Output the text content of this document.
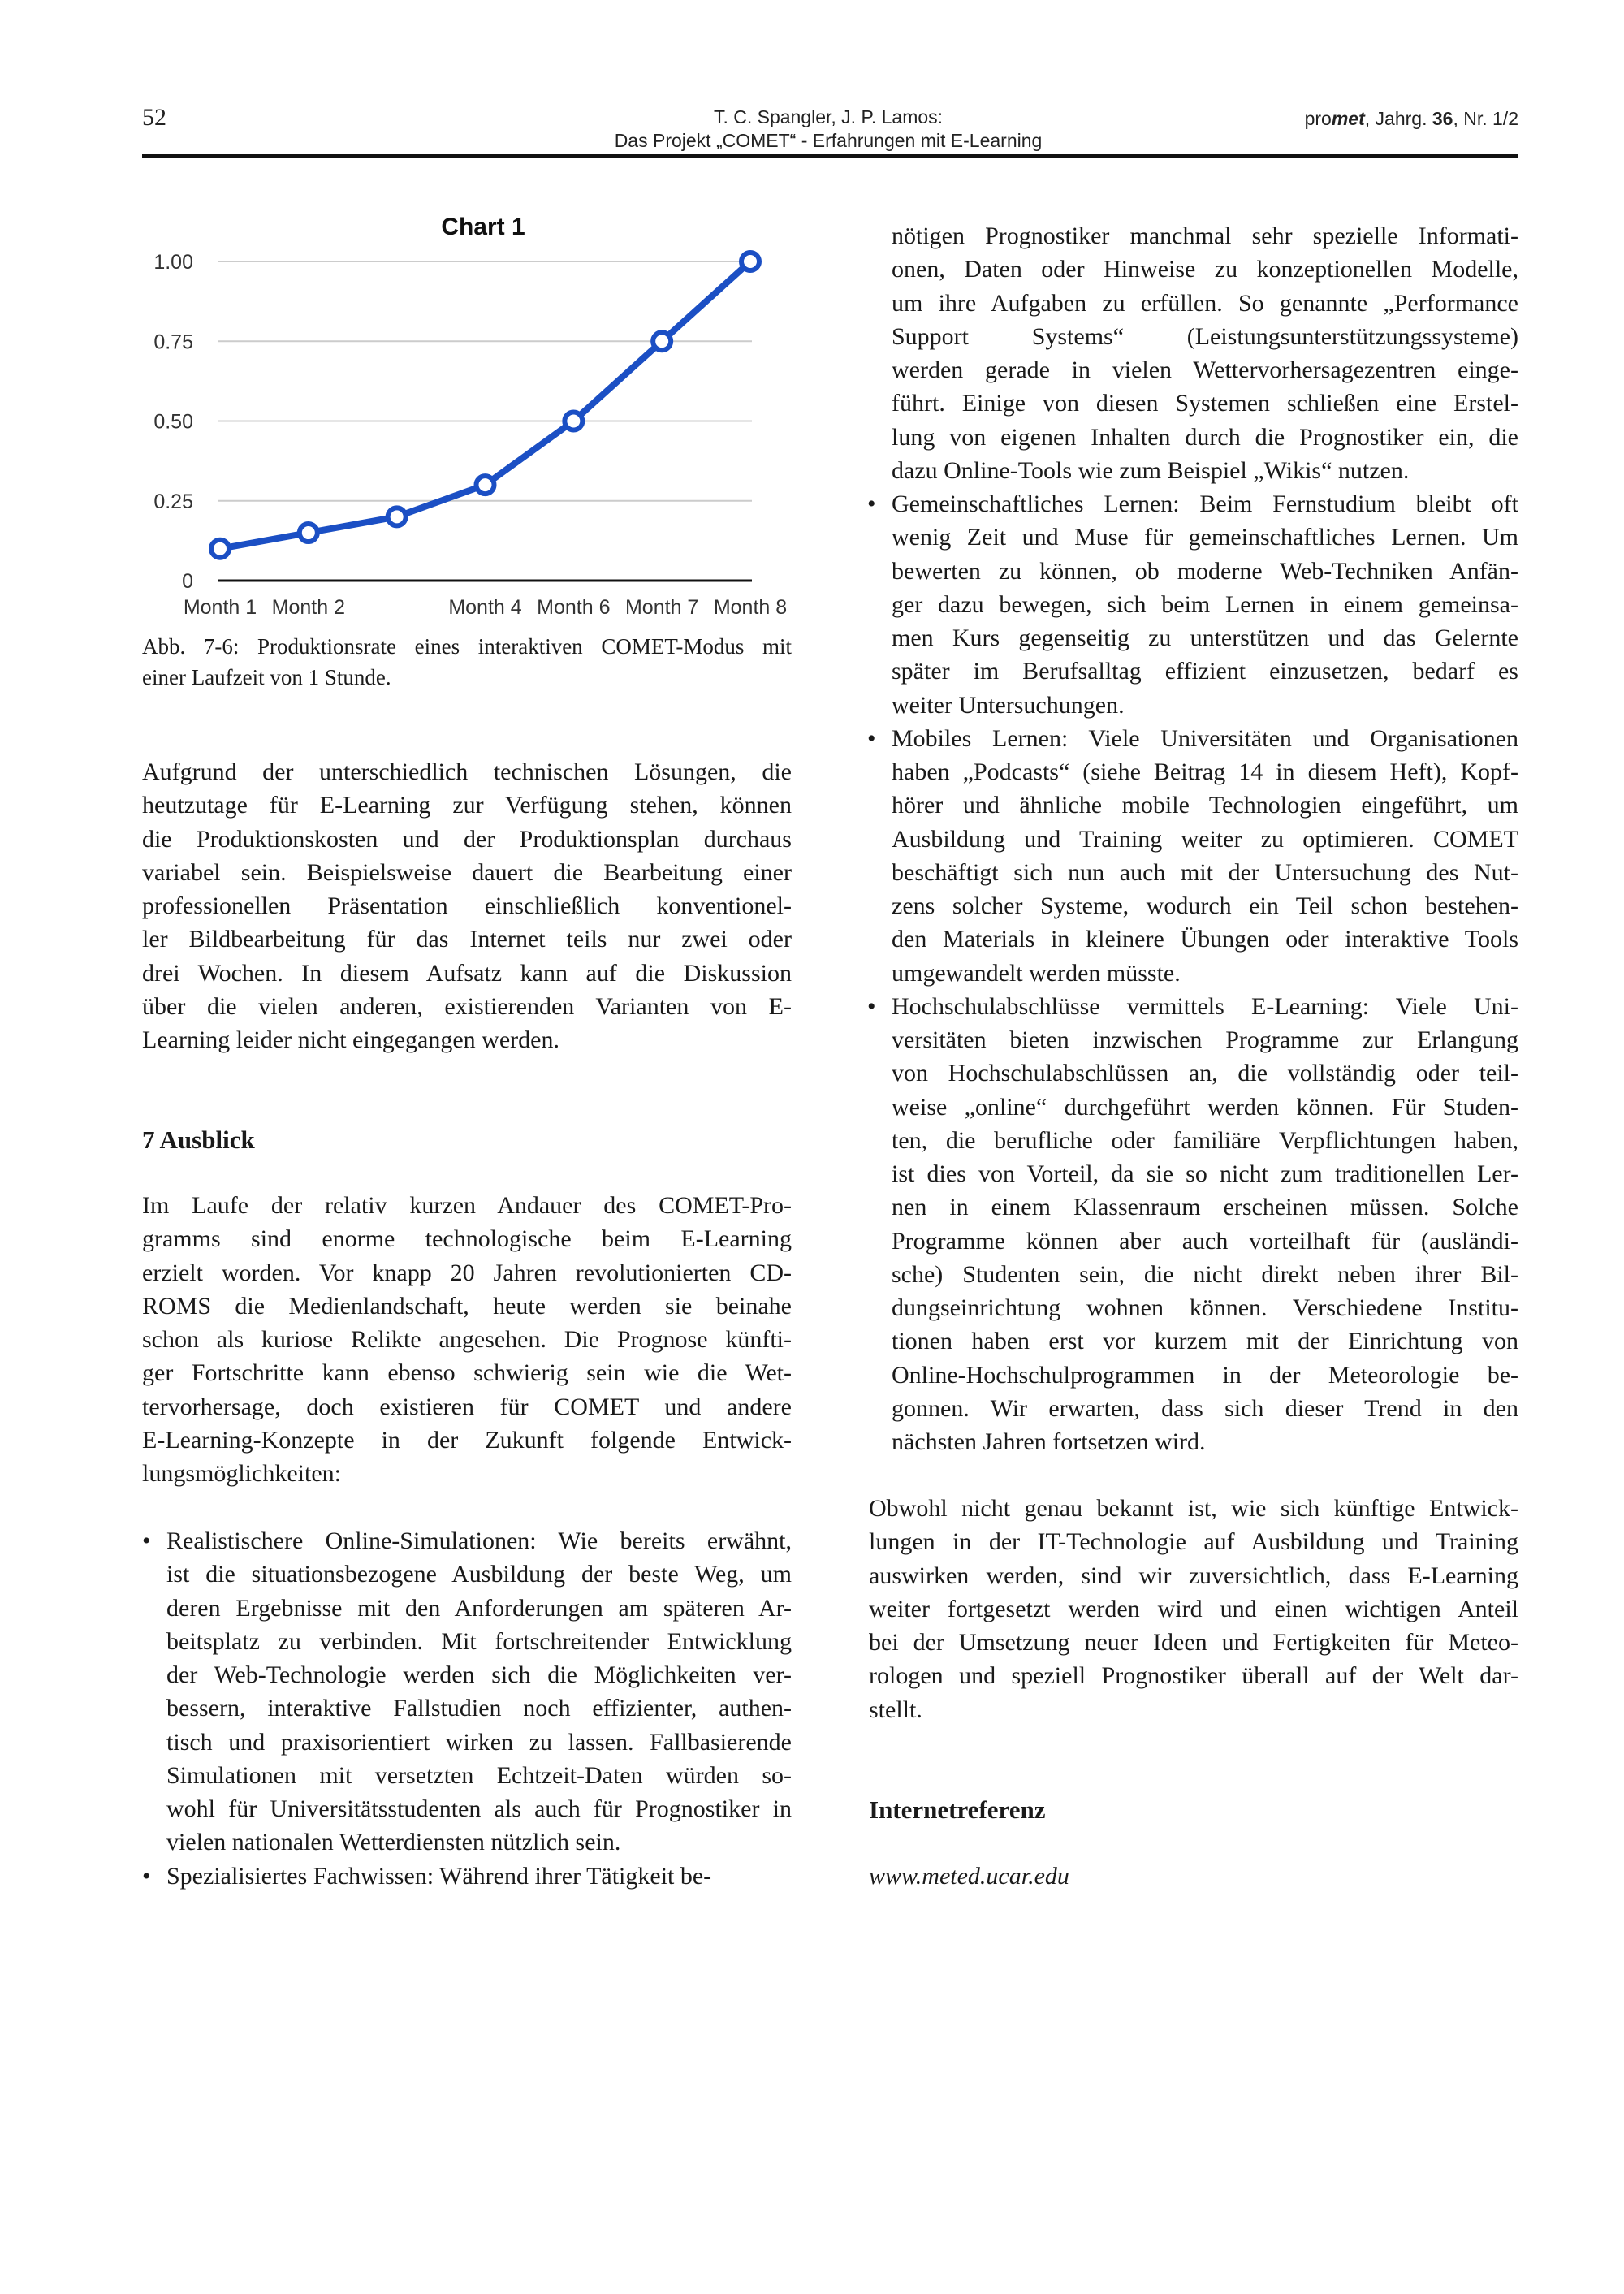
52	T. C. Spangler, J. P. Lamos:
Das Projekt „COMET“ - Erfahrungen mit E-Learning
promet, Jahrg. 36, Nr. 1/2
Chart 1
0
0.25
0.50
0.75
1.00
Month 1 Month 2	Month 4 Month 6 Month 7 Month 8
Abb. 7-6: Produktionsrate eines interaktiven COMET-Modus mit
einer Laufzeit von 1 Stunde.
Aufgrund der unterschiedlich technischen Lösungen, die
heutzutage für E-Learning zur Verfügung stehen, können
die Produktionskosten und der Produktionsplan durchaus
variabel sein. Beispielsweise dauert die Bearbeitung einer
professionellen Präsentation einschließlich konventionel-
ler Bildbearbeitung für das Internet teils nur zwei oder
drei Wochen. In diesem Aufsatz kann auf die Diskussion
über die vielen anderen, existierenden Varianten von E-
Learning leider nicht eingegangen werden.
7 Ausblick
Im Laufe der relativ kurzen Andauer des COMET-Pro-
gramms sind enorme technologische beim E-Learning
erzielt worden. Vor knapp 20 Jahren revolutionierten CD-
ROMS die Medienlandschaft, heute werden sie beinahe
schon als kuriose Relikte angesehen. Die Prognose künfti-
ger Fortschritte kann ebenso schwierig sein wie die Wet-
tervorhersage, doch existieren für COMET und andere
E-Learning-Konzepte in der Zukunft folgende Entwick-
lungsmöglichkeiten:
• Realistischere Online-Simulationen: Wie bereits erwähnt,
ist die situationsbezogene Ausbildung der beste Weg, um
deren Ergebnisse mit den Anforderungen am späteren Ar-
beitsplatz zu verbinden. Mit fortschreitender Entwicklung
der Web-Technologie werden sich die Möglichkeiten ver-
bessern, interaktive Fallstudien noch effizienter, authen-
tisch und praxisorientiert wirken zu lassen. Fallbasierende
Simulationen mit versetzten Echtzeit-Daten würden so-
wohl für Universitätsstudenten als auch für Prognostiker in
vielen nationalen Wetterdiensten nützlich sein.
• Spezialisiertes Fachwissen: Während ihrer Tätigkeit be-
nötigen Prognostiker manchmal sehr spezielle Informati-
onen, Daten oder Hinweise zu konzeptionellen Modelle,
um ihre Aufgaben zu erfüllen. So genannte „Performance
Support Systems“ (Leistungsunterstützungssysteme)
werden gerade in vielen Wettervorhersagezentren einge-
führt. Einige von diesen Systemen schließen eine Erstel-
lung von eigenen Inhalten durch die Prognostiker ein, die
dazu Online-Tools wie zum Beispiel „Wikis“ nutzen.
• Gemeinschaftliches Lernen: Beim Fernstudium bleibt oft
wenig Zeit und Muse für gemeinschaftliches Lernen. Um
bewerten zu können, ob moderne Web-Techniken Anfän-
ger dazu bewegen, sich beim Lernen in einem gemeinsa-
men Kurs gegenseitig zu unterstützen und das Gelernte
später im Berufsalltag effizient einzusetzen, bedarf es
weiter Untersuchungen.
• Mobiles Lernen: Viele Universitäten und Organisationen
haben „Podcasts“ (siehe Beitrag 14 in diesem Heft), Kopf-
hörer und ähnliche mobile Technologien eingeführt, um
Ausbildung und Training weiter zu optimieren. COMET
beschäftigt sich nun auch mit der Untersuchung des Nut-
zens solcher Systeme, wodurch ein Teil schon bestehen-
den Materials in kleinere Übungen oder interaktive Tools
umgewandelt werden müsste.
• Hochschulabschlüsse vermittels E-Learning: Viele Uni-
versitäten bieten inzwischen Programme zur Erlangung
von Hochschulabschlüssen an, die vollständig oder teil-
weise „online“ durchgeführt werden können. Für Studen-
ten, die berufliche oder familiäre Verpflichtungen haben,
ist dies von Vorteil, da sie so nicht zum traditionellen Ler-
nen in einem Klassenraum erscheinen müssen. Solche
Programme können aber auch vorteilhaft für (ausländi-
sche) Studenten sein, die nicht direkt neben ihrer Bil-
dungseinrichtung wohnen können. Verschiedene Institu-
tionen haben erst vor kurzem mit der Einrichtung von
Online-Hochschulprogrammen in der Meteorologie be-
gonnen. Wir erwarten, dass sich dieser Trend in den
nächsten Jahren fortsetzen wird.
Obwohl nicht genau bekannt ist, wie sich künftige Entwick-
lungen in der IT-Technologie auf Ausbildung und Training
auswirken werden, sind wir zuversichtlich, dass E-Learning
weiter fortgesetzt werden wird und einen wichtigen Anteil
bei der Umsetzung neuer Ideen und Fertigkeiten für Meteo-
rologen und speziell Prognostiker überall auf der Welt dar-
stellt.
Internetreferenz
www.meted.ucar.edu
